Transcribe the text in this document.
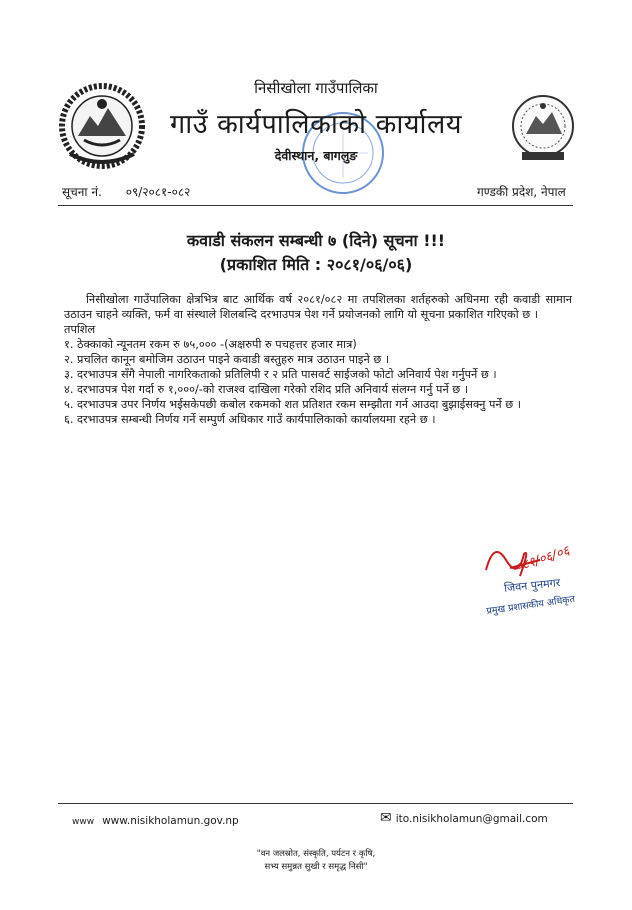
निसीखोला गाउँपालिका
गाउँ कार्यपालिकाको कार्यालय
देवीस्थान, बागलुङ
सूचना नं. ०९/२०८१-०८२	गण्डकी प्रदेश, नेपाल
कवाडी संकलन सम्बन्धी ७ (दिने) सूचना !!!
(प्रकाशित मिति : २०८१/०६/०६)

निसीखोला गाउँपालिका क्षेत्रभित्र बाट आर्थिक वर्ष २०८१/०८२ मा तपशिलका शर्तहरुको अधिनमा रही कवाडी सामान उठाउन चाहने व्यक्ति, फर्म वा संस्थाले शिलबन्दि दरभाउपत्र पेश गर्ने प्रयोजनको लागि यो सूचना प्रकाशित गरिएको छ ।

तपशिल

१. ठेक्काको न्यूनतम रकम रु ७५,००० -(अक्षरुपी रु पचहत्तर हजार मात्र)

२. प्रचलित कानून बमोजिम उठाउन पाइने कवाडी बस्तुहरु मात्र उठाउन पाइने छ ।

३. दरभाउपत्र सँगै नेपाली नागरिकताको प्रतिलिपी र २ प्रति पासवर्ट साईजको फोटो अनिवार्य पेश गर्नुपर्ने छ ।

४. दरभाउपत्र पेश गर्दा रु १,०००/-को राजश्व दाखिला गरेको रशिद प्रति अनिवार्य संलग्न गर्नु पर्ने छ ।

५. दरभाउपत्र उपर निर्णय भईसकेपछी कबोल रकमको शत प्रतिशत रकम सम्झौता गर्न आउदा बुझाईसक्नु पर्ने छ ।

६. दरभाउपत्र सम्बन्धी निर्णय गर्ने सम्पुर्ण अधिकार गाउँ कार्यपालिकाको कार्यालयमा रहने छ ।

०८१/०६/०६
जिवन पुनमगर
प्रमुख प्रशासकीय अधिकृत
www www.nisikholamun.gov.np	✉ ito.nisikholamun@gmail.com
"वन जलस्रोत, संस्कृति, पर्यटन र कृषि,
सभ्य समुन्नत सुखी र समृद्ध निसी"
